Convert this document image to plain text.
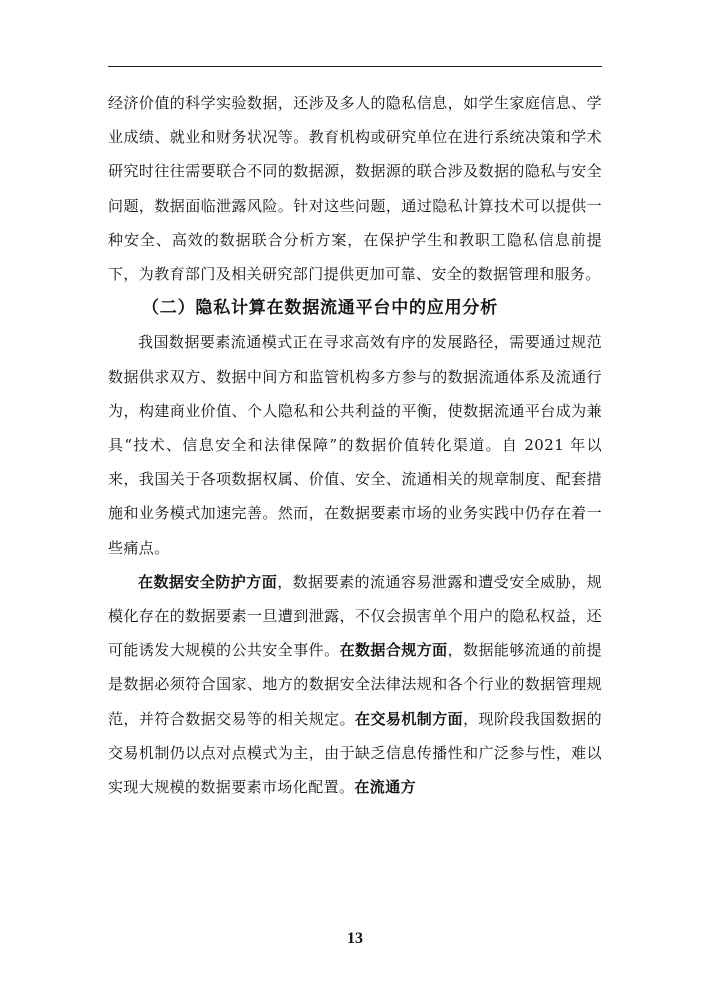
经济价值的科学实验数据，还涉及多人的隐私信息，如学生家庭信息、学业成绩、就业和财务状况等。教育机构或研究单位在进行系统决策和学术研究时往往需要联合不同的数据源，数据源的联合涉及数据的隐私与安全问题，数据面临泄露风险。针对这些问题，通过隐私计算技术可以提供一种安全、高效的数据联合分析方案，在保护学生和教职工隐私信息前提下，为教育部门及相关研究部门提供更加可靠、安全的数据管理和服务。

（二）隐私计算在数据流通平台中的应用分析

我国数据要素流通模式正在寻求高效有序的发展路径，需要通过规范数据供求双方、数据中间方和监管机构多方参与的数据流通体系及流通行为，构建商业价值、个人隐私和公共利益的平衡，使数据流通平台成为兼具“技术、信息安全和法律保障”的数据价值转化渠道。自 2021 年以来，我国关于各项数据权属、价值、安全、流通相关的规章制度、配套措施和业务模式加速完善。然而，在数据要素市场的业务实践中仍存在着一些痛点。

在数据安全防护方面，数据要素的流通容易泄露和遭受安全威胁，规模化存在的数据要素一旦遭到泄露，不仅会损害单个用户的隐私权益，还可能诱发大规模的公共安全事件。在数据合规方面，数据能够流通的前提是数据必须符合国家、地方的数据安全法律法规和各个行业的数据管理规范，并符合数据交易等的相关规定。在交易机制方面，现阶段我国数据的交易机制仍以点对点模式为主，由于缺乏信息传播性和广泛参与性，难以实现大规模的数据要素市场化配置。在流通方

13
